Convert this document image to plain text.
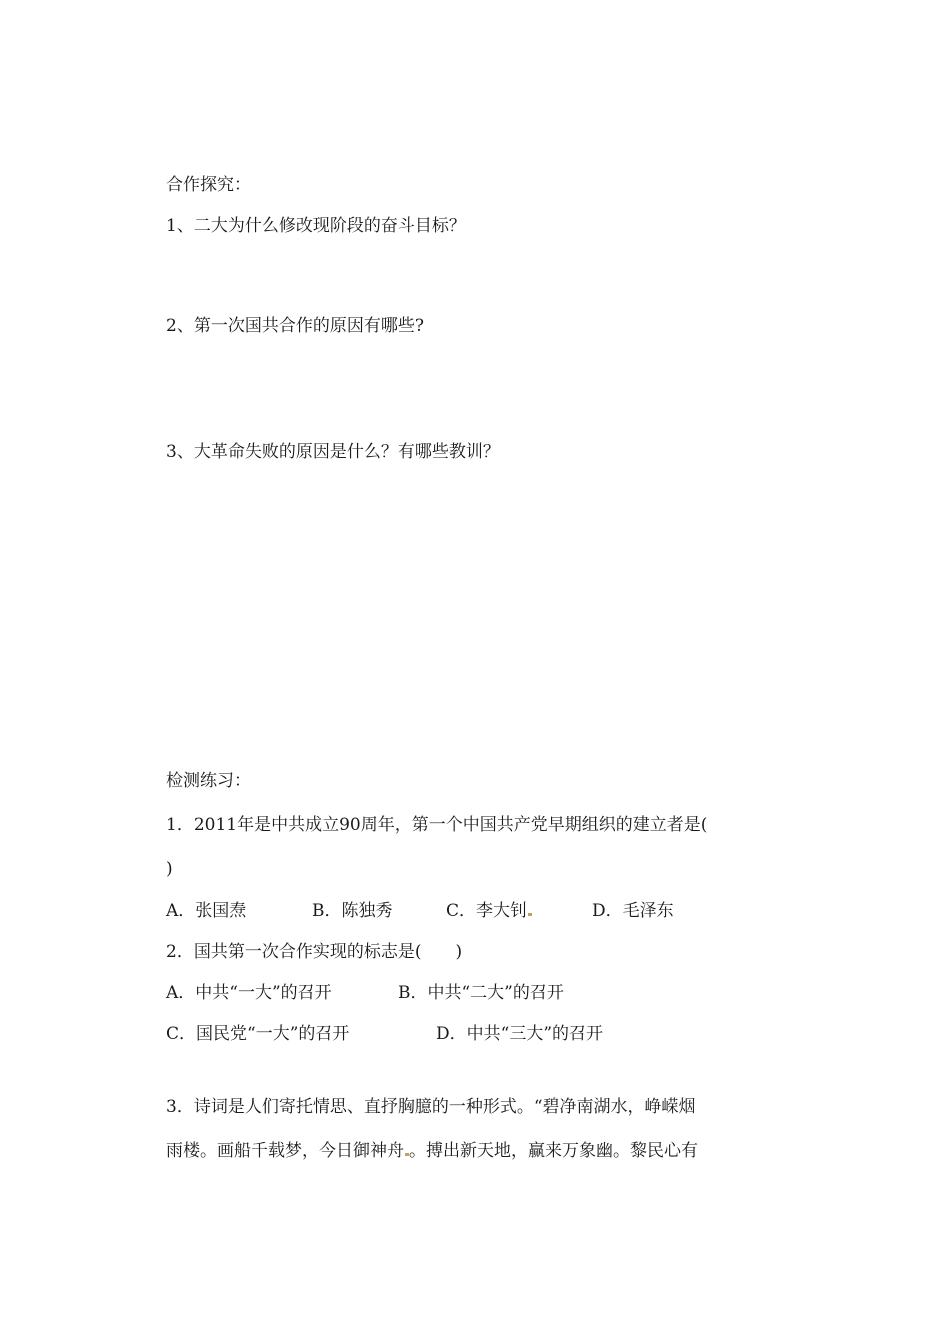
合作探究：
1、二大为什么修改现阶段的奋斗目标？
2、第一次国共合作的原因有哪些?
3、大革命失败的原因是什么？有哪些教训？
检测练习：
1．2011年是中共成立90周年，第一个中国共产党早期组织的建立者是(
)
A．张国焘	B．陈独秀	C．李大钊	D．毛泽东
2．国共第一次合作实现的标志是(　　)
A．中共“一大”的召开	B．中共“二大”的召开
C．国民党“一大”的召开	D．中共“三大”的召开
3．诗词是人们寄托情思、直抒胸臆的一种形式。“碧净南湖水，峥嵘烟
雨楼。画船千载梦，今日御神舟 。搏出新天地，赢来万象幽。黎民心有
